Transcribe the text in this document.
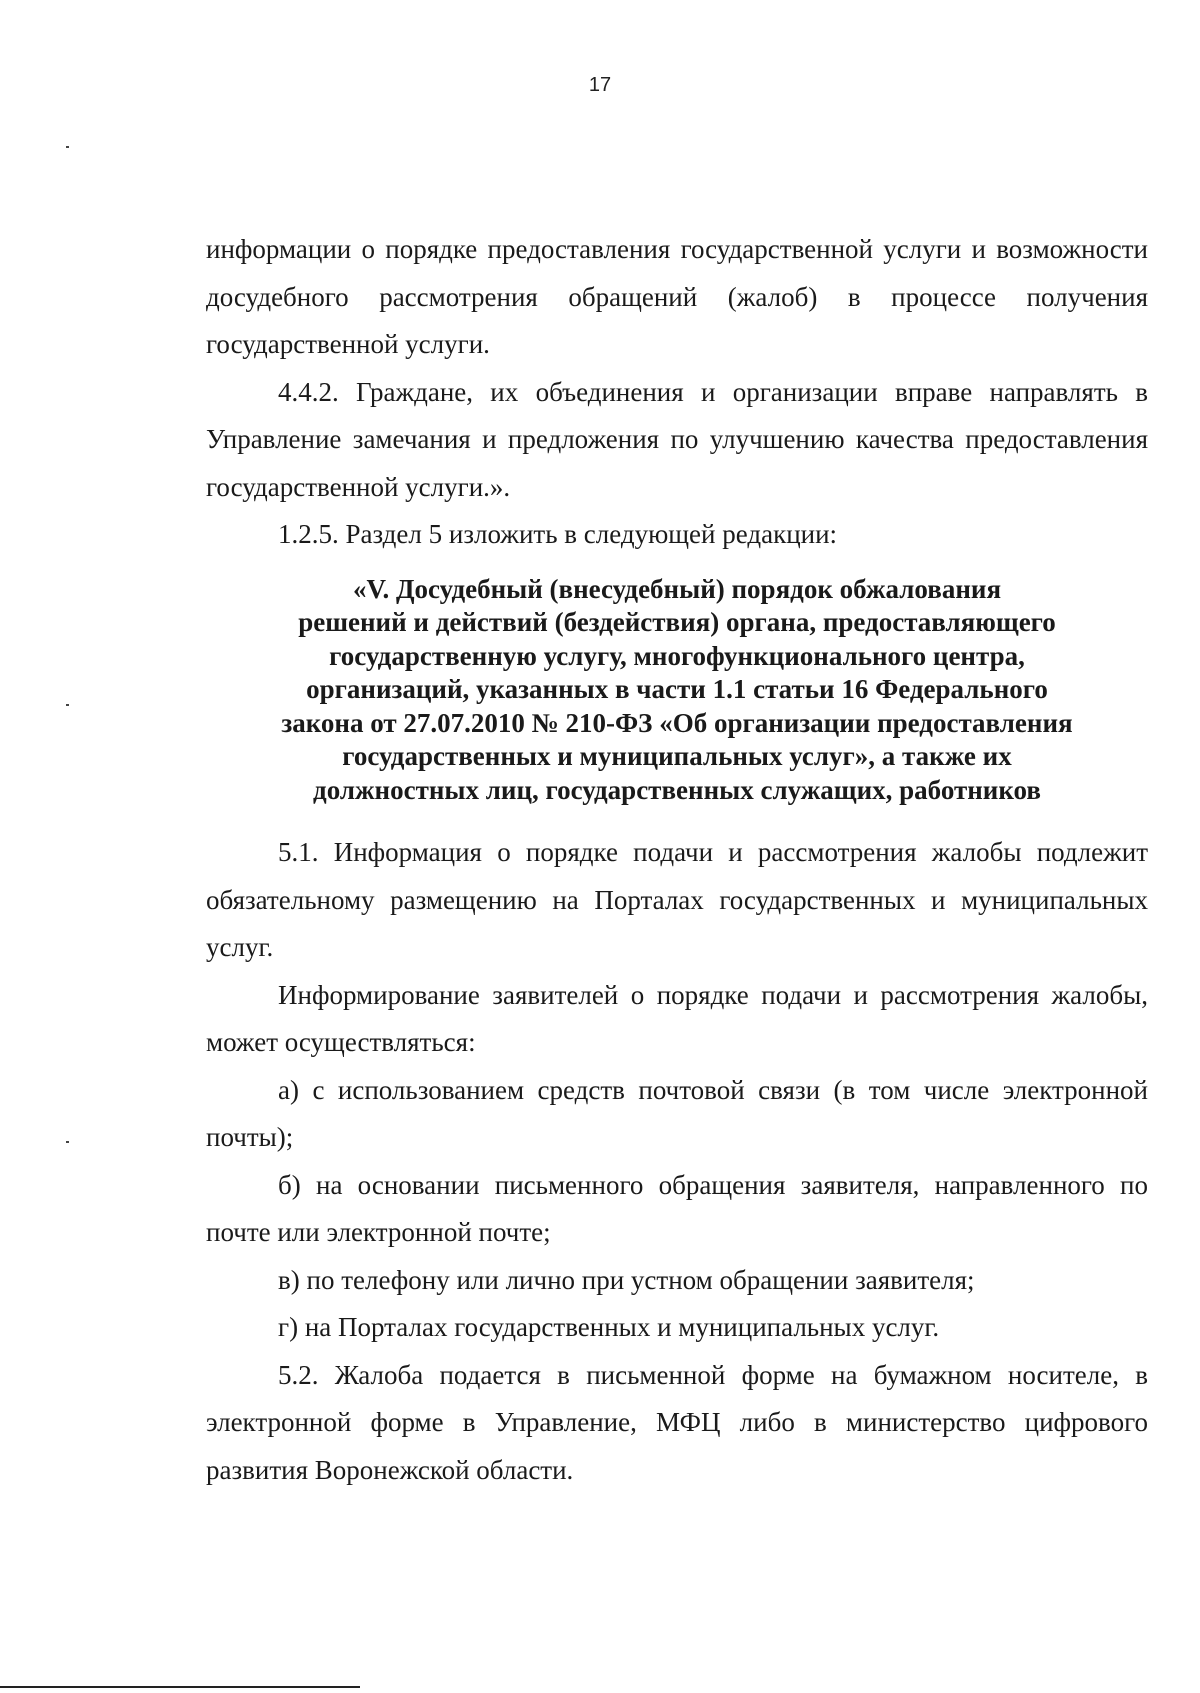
17

информации о порядке предоставления государственной услуги и возможности досудебного рассмотрения обращений (жалоб) в процессе получения государственной услуги.

4.4.2. Граждане, их объединения и организации вправе направлять в Управление замечания и предложения по улучшению качества предоставления государственной услуги.».

1.2.5. Раздел 5 изложить в следующей редакции:

«V. Досудебный (внесудебный) порядок обжалования
решений и действий (бездействия) органа, предоставляющего
государственную услугу, многофункционального центра,
организаций, указанных в части 1.1 статьи 16 Федерального
закона от 27.07.2010 № 210-ФЗ «Об организации предоставления
государственных и муниципальных услуг», а также их
должностных лиц, государственных служащих, работников

5.1. Информация о порядке подачи и рассмотрения жалобы подлежит обязательному размещению на Порталах государственных и муниципальных услуг.

Информирование заявителей о порядке подачи и рассмотрения жалобы, может осуществляться:

а) с использованием средств почтовой связи (в том числе электронной почты);

б) на основании письменного обращения заявителя, направленного по почте или электронной почте;

в) по телефону или лично при устном обращении заявителя;

г) на Порталах государственных и муниципальных услуг.

5.2. Жалоба подается в письменной форме на бумажном носителе, в электронной форме в Управление, МФЦ либо в министерство цифрового развития Воронежской области.
